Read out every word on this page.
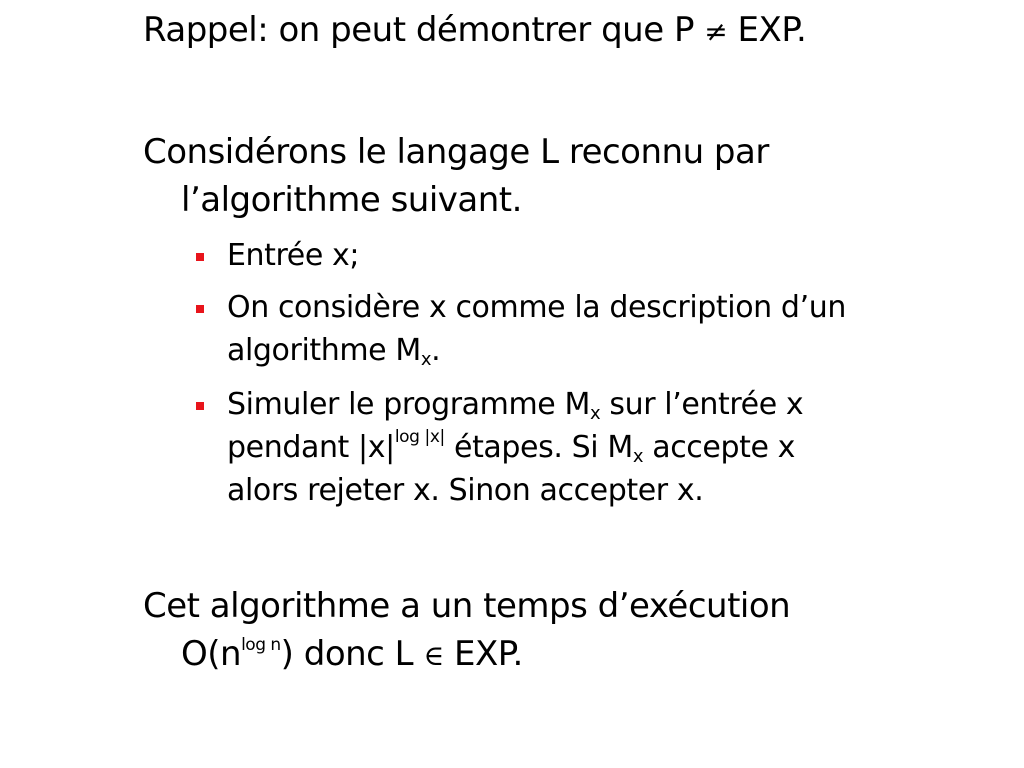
Rappel: on peut démontrer que P ≠ EXP.
Considérons le langage L reconnu par
l’algorithme suivant.
Entrée x;
On considère x comme la description d’un
algorithme $M_x$.
Simuler le programme $M_x$ sur l’entrée x
pendant $|x|^{log |x|}$ étapes. Si $M_x$ accepte x
alors rejeter x. Sinon accepter x.
Cet algorithme a un temps d’exécution
$O(n^{log n})$ donc L ∈ EXP.
